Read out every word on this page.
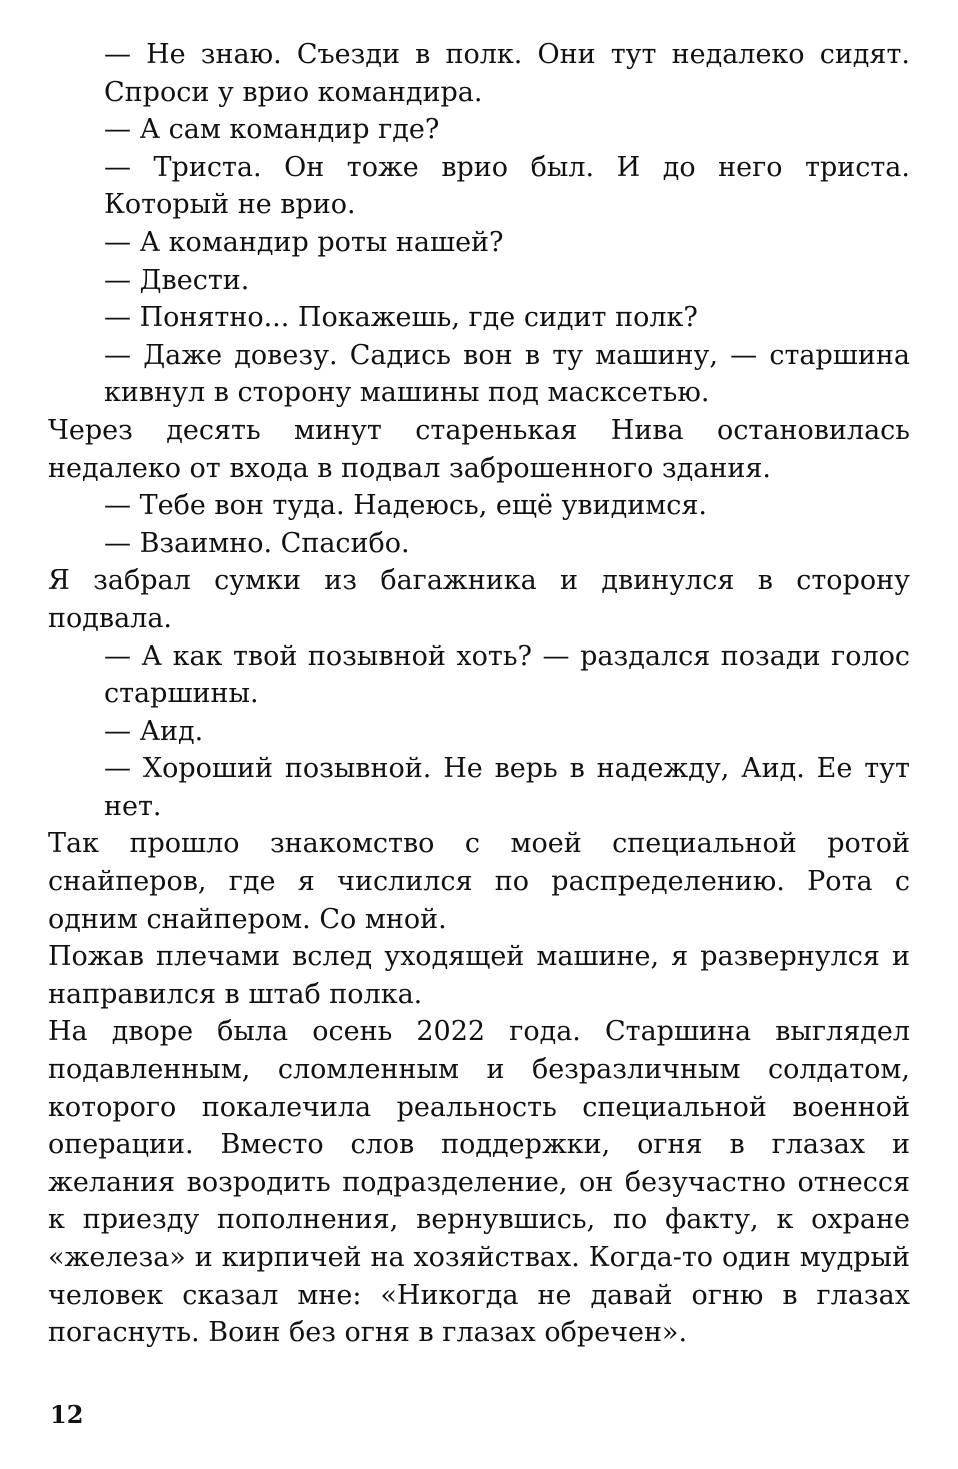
— Не знаю. Съезди в полк. Они тут недалеко сидят. Спроси у врио командира.

— А сам командир где?

— Триста. Он тоже врио был. И до него триста. Который не врио.

— А командир роты нашей?

— Двести.

— Понятно... Покажешь, где сидит полк?

— Даже довезу. Садись вон в ту машину, — старшина кивнул в сторону машины под масксетью.

Через десять минут старенькая Нива остановилась недалеко от входа в подвал заброшенного здания.

— Тебе вон туда. Надеюсь, ещё увидимся.

— Взаимно. Спасибо.

Я забрал сумки из багажника и двинулся в сторону подвала.

— А как твой позывной хоть? — раздался позади голос старшины.

— Аид.

— Хороший позывной. Не верь в надежду, Аид. Ее тут нет.

Так прошло знакомство с моей специальной ротой снайперов, где я числился по распределению. Рота с одним снайпером. Со мной.

Пожав плечами вслед уходящей машине, я развернулся и направился в штаб полка.

На дворе была осень 2022 года. Старшина выглядел подавленным, сломленным и безразличным солдатом, которого покалечила реальность специальной военной операции. Вместо слов поддержки, огня в глазах и желания возродить подразделение, он безучастно отнесся к приезду пополнения, вернувшись, по факту, к охране «железа» и кирпичей на хозяйствах. Когда-то один мудрый человек сказал мне: «Никогда не давай огню в глазах погаснуть. Воин без огня в глазах обречен».

12
